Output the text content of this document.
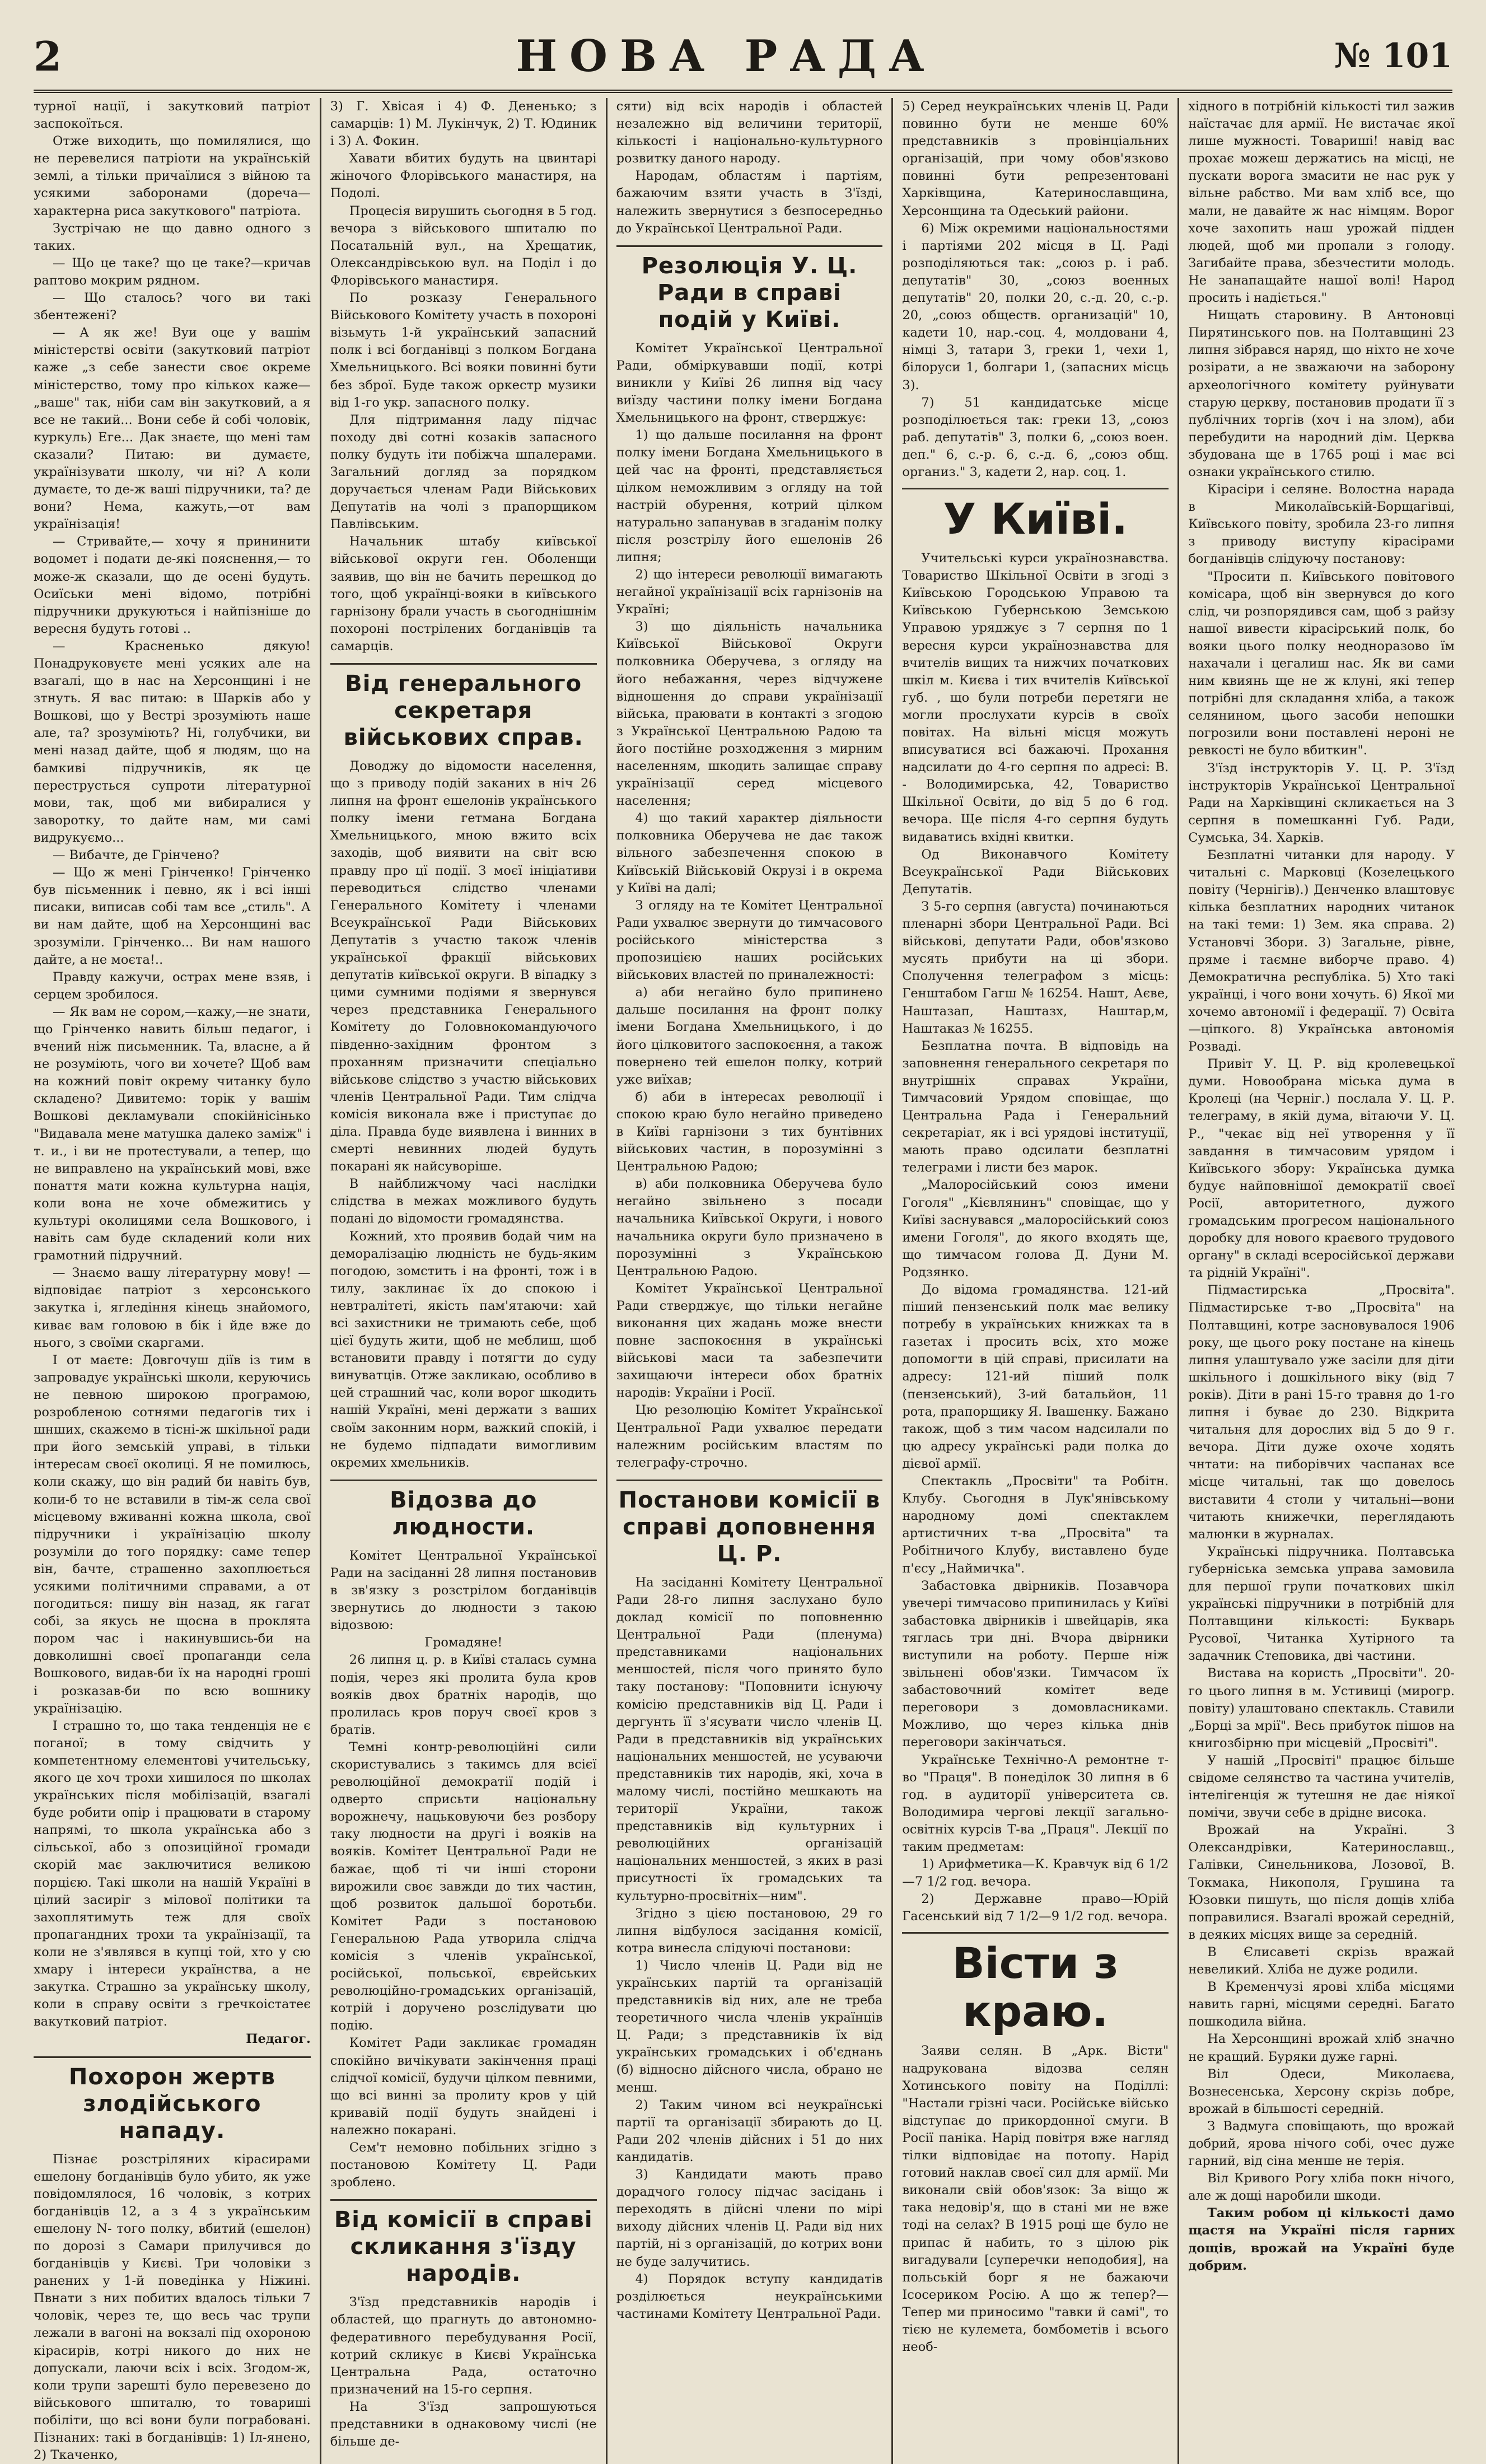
2	НОВА РАДА	№ 101

турної нації, і закутковий патріот заспокоїться.

Отже виходить, що помилялися, що не перевелися патріоти на українській землі, а тільки причаїлися з війною та усякими заборонами (дореча—характерна риса закуткового" патріота.

Зустрічаю не що давно одного з таких.

— Що це таке? що це таке?—кричав раптово мокрим рядном.

— Що сталось? чого ви такі збентежені?

— А як же! Вуи оце у вашім міністерстві освіти (закутковий патріот каже „з себе занести своє окреме міністерство, тому про кількох каже—„ваше" так, ніби сам він закутковий, а я все не такий... Вони себе й собі чоловік, куркуль) Еге... Дак знаєте, що мені там сказали? Питаю: ви думаєте, українізувати школу, чи ні? А коли думаєте, то де-ж ваші підручники, та? де вони? Нема, кажуть,—от вам українізація!

— Стривайте,— хочу я прининити водомет і подати де-які пояснення,— то може-ж сказали, що де осені будуть. Осиїськи мені відомо, потрібні підручники друкуються і найпізніше до вересня будуть готові ..

— Красненько дякую! Понадруковуєте мені усяких але на взагалі, що в нас на Херсонщині і не зтнуть. Я вас питаю: в Шарків або у Вошкові, що у Вестрі зрозуміють наше але, та? зрозуміють? Ні, голубчики, ви мені назад дайте, щоб я людям, що на бамкиві підручників, як це переструсться супроти літературної мови, так, щоб ми вибиралися у заворотку, то дайте нам, ми самі видрукуємо...

— Вибачте, де Грінчено?

— Що ж мені Грінченко! Грінченко був пісьменник і певно, як і всі інші писаки, виписав собі там все „стиль". А ви нам дайте, щоб на Херсонщині вас зрозуміли. Грінченко... Ви нам нашого дайте, а не моєта!..

Правду кажучи, острах мене взяв, і серцем зробилося.

— Як вам не сором,—кажу,—не знати, що Грінченко навить більш педагог, і вчений ніж письменник. Та, власне, а й не розуміють, чого ви хочете? Щоб вам на кожний повіт окрему читанку було складено? Дивитемо: торік у вашім Вошкові декламували спокійнісінько "Видавала мене матушка далеко заміж" і т. и., і ви не протестували, а тепер, що не виправлено на український мові, вже понаття мати кожна культурна нація, коли вона не хоче обмежитись у культурі околицями села Вошкового, і навіть сам буде складений коли них грамотний підручний.

— Знаємо вашу літературну мову! —відповідає патріот з херсонського закутка і, ягледіння кінець знайомого, киває вам головою в бік і йде вже до нього, з своїми скаргами.

І от маєте: Довгочуш діїв із тим в запровадує українські школи, керуючись не певною широкою програмою, розробленою сотнями педагогів тих і шнших, скажемо в тісні-ж шкільної ради при його земській управі, в тільки інтересам своєї околиці. Я не помилюсь, коли скажу, що він радий би навіть був, коли-б то не вставили в тім-ж села свої місцевому вживанні кожна школа, свої підручники і українізацію школу розуміли до того порядку: саме тепер він, бачте, страшенно захоплюється усякими політичними справами, а от погодиться: пишу він назад, як гагат собі, за якусь не щосна в проклята пором час і накинувшись-би на довколишні своєї пропаганди села Вошкового, видав-би їх на народні гроші і розказав-би по всю вошнику українізацію.

І страшно то, що така тенденція не є поганої; в тому свідчить у компетентному елементові учительську, якого це хоч трохи хишилося по школах українських після мобілізацій, взагалі буде робити опір і працювати в старому напрямі, то школа українська або з сільської, або з опозиційної громади скорій має заключитися великою порцією. Такі школи на нашій Україні в цілий засиріг з мілової політики та захоплятимуть теж для своїх пропагандних трохи та українізації, та коли не з'являвся в купці той, хто у сю хмару і інтереси українства, а не закутка. Страшно за українську школу, коли в справу освіти з гречкоістатеє вакутковий патріот.

Педагог.

Похорон жертв злодійського нападу.

Пізнає розстріляних кірасирами ешелону богданівців було убито, як уже повідомлялося, 16 чоловік, з котрих богданівців 12, а з 4 з українським ешелону N- того полку, вбитий (ешелон) по дорозі з Самари прилучився до богданівців у Києві. Три чоловіки з ранених у 1-й поведінка у Ніжині. Пвнати з них побитих вдалось тільки 7 чоловік, через те, що весь час трупи лежали в вагоні на вокзалі під охороною кірасирів, котрі никого до них не допускали, лаючи всіх і всіх. Згодом-ж, коли трупи зарешті було перевезено до військового шпиталю, то товариші побіліти, що всі вони були пограбовані. Пізнаних: такі в богданівців: 1) Іл-янено, 2) Ткаченко,

3) Г. Хвісая і 4) Ф. Дененько; з самарців: 1) М. Лукінчук, 2) Т. Юдиник і 3) А. Фокин.

Хавати вбитих будуть на цвинтарі жіночого Флорівського манастиря, на Подолі.

Процесія вирушить сьогодня в 5 год. вечора з військового шпиталю по Посатальній вул., на Хрещатик, Олександрівською вул. на Поділ і до Флорівського манастиря.

По розказу Генерального Військового Комітету участь в похороні візьмуть 1-й український запасний полк і всі богданівці з полком Богдана Хмельницького. Всі вояки повинні бути без зброї. Буде також оркестр музики від 1-го укр. запасного полку.

Для підтримання ладу підчас походу дві сотні козаків запасного полку будуть іти побіжча шпалерами. Загальний догляд за порядком доручається членам Ради Військових Депутатів на чолі з прапорщиком Павлівським.

Начальник штабу київської військової округи ген. Оболенщи заявив, що він не бачить перешкод до того, щоб українці-вояки в київського гарнізону брали участь в сьогоднішнім похороні пострілених богданівців та самарців.

Від генерального секретаря військових справ.

Доводжу до відомости населення, що з приводу подій заканих в ніч 26 липня на фронт ешелонів українського полку імени гетмана Богдана Хмельницького, мною вжито всіх заходів, щоб виявити на світ всю правду про цї події. З моєї ініціативи переводиться слідство членами Генерального Комітету і членами Всеукраїнської Ради Військових Депутатів з участю також членів української фракції військових депутатів київської округи. В віпадку з цими сумними подіями я звернувся через представника Генерального Комітету до Головнокомандуючого південно-західним фронтом з проханням призначити спеціально військове слідство з участю військових членів Центральної Ради. Тим слідча комісія виконала вже і приступає до діла. Правда буде виявлена і винних в смерті невинних людей будуть покарані як найсуворіше.

В найближчому часі наслідки слідства в межах можливого будуть подані до відомости громадянства.

Кожний, хто проявив бодай чим на деморалізацію людність не будь-яким погодою, зомстить і на фронті, тож і в тилу, заклинає їх до спокою і невтралітеті, якість пам'ятаючи: хай всі захистники не тримають себе, щоб цієї будуть жити, щоб не меблиш, щоб встановити правду і потягти до суду винуватців. Отже закликаю, особливо в цей страшний час, коли ворог шкодить нашій Україні, мені держати з ваших своїм законним норм, важкий спокій, і не будемо підпадати вимогливим окремих хмельників.

Відозва до людности.

Комітет Центральної Української Ради на засіданні 28 липня постановив в зв'язку з розстрілом богданівців звернутись до людности з такою відозвою:

Громадяне!

26 липня ц. р. в Київі сталась сумна подія, через які пролита була кров вояків двох братніх народів, що пролилась кров поруч своєї кров з братів.

Темні контр-революційні сили скористувались з такимсь для всієї революційної демократії подій і одверто сприсьти національну ворожнечу, нацьковуючи без розбору таку людности на другі і вояків на вояків. Комітет Центральної Ради не бажає, щоб ті чи інші сторони вирожили своє завжди до тих частин, щоб розвиток дальшої боротьби. Комітет Ради з постановою Генеральною Рада утворила слідча комісія з членів української, російської, польської, єврейських революційно-громадських організацій, котрій і доручено розслідувати цю подію.

Комітет Ради закликає громадян спокійно вичікувати закінчення праці слідчої комісії, будучи цілком певними, що всі винні за пролиту кров у цій кривавій події будуть знайдені і належно покарані.

Сем'т немовно побільних згідно з постановою Комітету Ц. Ради зроблено.

Від комісії в справі скликання з'їзду народів.

З'їзд представників народів і областей, що прагнуть до автономно-федеративного перебудування Росії, котрий скликує в Києві Українська Центральна Рада, остаточно призначений на 15-го серпня.

На З'їзд запрошуються представники в однаковому числі (не більше де-

сяти) від всіх народів і областей незалежно від величини території, кількості і національно-культурного розвитку даного народу.

Народам, областям і партіям, бажаючим взяти участь в З'їзді, належить звернутися з безпосередньо до Української Центральної Ради.

Резолюція У. Ц. Ради в справі подій у Київі.

Комітет Української Центральної Ради, обміркувавши події, котрі виникли у Київі 26 липня від часу виїзду частини полку імени Богдана Хмельницького на фронт, стверджує:

1) що дальше посилання на фронт полку імени Богдана Хмельницького в цей час на фронті, представляється цілком неможливим з огляду на той настрій обурення, котрий цілком натурально запанував в згаданім полку після розстрілу його ешелонів 26 липня;

2) що інтереси революції вимагають негайної українізації всіх гарнізонів на Україні;

3) що діяльність начальника Київської Військової Округи полковника Оберучева, з огляду на його небажання, через відчужене відношення до справи українізації війська, праювати в контакті з згодою з Української Центральною Радою та його постійне розходження з мирним населенням, шкодить залищає справу українізації серед місцевого населення;

4) що такий характер діяльности полковника Оберучева не дає також вільного забезпечення спокою в Київській Військовій Окрузі і в окрема у Київі на далі;

З огляду на те Комітет Центральної Ради ухвалює звернути до тимчасового російського міністерства з пропозицією наших російських військових властей по приналежності:

а) аби негайно було припинено дальше посилання на фронт полку імени Богдана Хмельницького, і до його цілковитого заспокоєння, а також повернено тей ешелон полку, котрий уже виїхав;

б) аби в інтересах революції і спокою краю було негайно приведено в Київі гарнізони з тих бунтівних військових частин, в порозумінні з Центральною Радою;

в) аби полковника Оберучева було негайно звільнено з посади начальника Київської Округи, і нового начальника округи було призначено в порозумінні з Українською Центральною Радою.

Комітет Української Центральної Ради стверджує, що тільки негайне виконання цих жадань може внести повне заспокоєння в українські військові маси та забезпечити захищаючи інтереси обох братніх народів: України і Росії.

Цю резолюцію Комітет Української Центральної Ради ухвалює передати належним російським властям по телеграфу-строчно.

Постанови комісії в справі доповнення Ц. Р.

На засіданні Комітету Центральної Ради 28-го липня заслухано було доклад комісії по поповненню Центральної Ради (пленума) представниками національних меншостей, після чого принято було таку постанову: "Поповнити існуючу комісію представників від Ц. Ради і дергунть її з'ясувати число членів Ц. Ради в представників від українських національних меншостей, не усуваючи представників тих народів, які, хоча в малому числі, постійно мешкають на території України, також представників від культурних і революційних організацій національних меншостей, з яких в разі присутності їх громадських та культурно-просвітніх—ним".

Згідно з цією постановою, 29 го липня відбулося засідання комісії, котра винесла слідуючі постанови:

1) Число членів Ц. Ради від не українських партій та організацій представників від них, але не треба теоретичного числа членів українців Ц. Ради; з представників їх від українських громадських і об'єднань (б) відносно дійсного числа, обрано не менш.

2) Таким чином всі неукраїнські партії та організації збирають до Ц. Ради 202 членів дійсних і 51 до них кандидатів.

3) Кандидати мають право дорадчого голосу підчас засідань і переходять в дійсні члени по мірі виходу дійсних членів Ц. Ради від них партій, ні з організацій, до котрих вони не буде залучитись.

4) Порядок вступу кандидатів розділюється неукраїнськими частинами Комітету Центральної Ради.

5) Серед неукраїнських членів Ц. Ради повинно бути не менше 60% представників з провінціальних організацій, при чому обов'язково повинні бути репрезентовані Харківщина, Катеринославщина, Херсонщина та Одеський райони.

6) Між окремими національностями і партіями 202 місця в Ц. Раді розподіляються так: „союз р. і раб. депутатів" 30, „союз военных депутатів" 20, полки 20, с.-д. 20, с.-р. 20, „союз обществ. организацій" 10, кадети 10, нар.-соц. 4, молдовани 4, німці 3, татари 3, греки 1, чехи 1, білоруси 1, болгари 1, (запасних місць 3).

7) 51 кандидатське місце розподілюється так: греки 13, „союз раб. депутатів" 3, полки 6, „союз воен. деп." 6, с.-р. 6, с.-д. 6, „союз общ. организ." 3, кадети 2, нар. соц. 1.

У Київі.

Учительські курси українознавства. Товариство Шкільної Освіти в згоді з Київською Городською Управою та Київською Губернською Земською Управою уряджує з 7 серпня по 1 вересня курси українознавства для вчителів вищих та нижчих початкових шкіл м. Києва і тих вчителів Київської губ. , що були потреби перетяги не могли прослухати курсів в своїх повітах. На вільні місця можуть вписуватися всі бажаючі. Прохання надсилати до 4-го серпня по адресі: В. - Володимирська, 42, Товариство Шкільної Освіти, до від 5 до 6 год. вечора. Ще після 4-го серпня будуть видаватись вхідні квитки.

Од Виконавчого Комітету Всеукраїнської Ради Військових Депутатів.

З 5-го серпня (августа) починаються пленарні збори Центральної Ради. Всі військові, депутати Ради, обов'язково мусять прибути на ці збори. Сполучення телеграфом з місць: Генштабом Гагш № 16254. Нашт, Аєве, Наштазап, Наштазх, Наштар,м, Наштаказ № 16255.

Безплатна почта. В відповідь на заповнення генерального секретаря по внутрішніх справах України, Тимчасовий Урядом сповіщає, що Центральна Рада і Генеральний секретаріат, як і всі урядові інституції, мають право одсилати безплатні телеграми і листи без марок.

„Малоросійський союз имени Гоголя" „Кієвлянинъ" сповіщає, що у Київі заснувався „малоросійський союз имени Гоголя", до якого входять ще, що тимчасом голова Д. Дуни М. Родзянко.

До відома громадянства. 121-ий піший пензенський полк має велику потребу в українських книжках та в газетах і просить всіх, хто може допомогти в цій справі, присилати на адресу: 121-ий піший полк (пензенський), 3-ий батальйон, 11 рота, прапорщику Я. Івашенку. Бажано також, щоб з тим часом надсилали по цю адресу українські ради полка до дієвої армії.

Спектакль „Просвіти" та Робітн. Клубу. Сьогодня в Лук'янівському народному домі спектаклем артистичних т-ва „Просвіта" та Робітничого Клубу, виставлено буде п'єсу „Наймичка".

Забастовка двірників. Позавчора увечері тимчасово припинилась у Київі забастовка двірників і швейцарів, яка тяглась три дні. Вчора двірники виступили на роботу. Перше ніж звільнені обов'язки. Тимчасом їх забастовочний комітет веде переговори з домовласниками. Можливо, що через кілька днів переговори закінчаться.

Українське Технічно-А ремонтне т-во "Праця". В понеділок 30 липня в 6 год. в аудиторії університета св. Володимира чергові лекції загально-освітніх курсів Т-ва „Праця". Лекції по таким предметам:

1) Арифметика—К. Кравчук від 6 1/2—7 1/2 год. вечора.

2) Державне право—Юрій Гасенський від 7 1/2—9 1/2 год. вечора.

Вісти з краю.

Заяви селян. В „Арк. Вісти" надрукована відозва селян Хотинського повіту на Поділлі: "Настали грізні часи. Російське військо відступає до прикордонної смуги. В Росії паніка. Нарід повітря вже нагляд тілки відповідає на потопу. Нарід готовий наклав своєї сил для армії. Ми виконали свій обов'язок: За віщо ж така недовір'я, що в стані ми не вже тоді на селах? В 1915 році ще було не припас й набить, то з цілою рік вигадували [суперечки неподобия], на польській борг я не бажаючи Ісосериком Росію. А що ж тепер?—Тепер ми приносимо "тавки й самі", то тією не кулемета, бомбометів і всього необ-

хідного в потрібній кількості тил зажив наїстачає для армії. Не вистачає якої лише мужності. Товариші! навід вас прохає можеш держатись на місці, не пускати ворога змасити не нас рук у вільне рабство. Ми вам хліб все, що мали, не давайте ж нас німцям. Ворог хоче захопить наш урожай підден людей, щоб ми пропали з голоду. Загибайте права, збезчестити молодь. Не занапащайте нашої волі! Народ просить і надіється."

Нищать старовину. В Антоновці Пирятинського пов. на Полтавщині 23 липня зібрався наряд, що ніхто не хоче розірати, а не зважаючи на заборону археологічного комітету руйнувати старую церкву, постановив продати її з публічних торгів (хоч і на злом), аби перебудити на народний дім. Церква збудована ще в 1765 році і має всі ознаки українського стилю.

Кірасіри і селяне. Волостна нарада в Миколаївській-Борщагівці, Київського повіту, зробила 23-го липня з приводу виступу кірасірами богданівців слідуючу постанову:

"Просити п. Київського повітового комісара, щоб він звернувся до кого слід, чи розпорядився сам, щоб з райзу нашої вивести кірасірський полк, бо вояки цього полку неодноразово їм нахачали і цегалиш нас. Як ви сами ним квиянь ще не ж клуні, які тепер потрібні для складання хліба, а також селянином, цього засоби непошки погрозили вони поставлені нероні не ревкості не було вбиткин".

З'їзд інструкторів У. Ц. Р. З'їзд інструкторів Української Центральної Ради на Харківщині скликається на 3 серпня в помешканні Губ. Ради, Сумська, 34. Харків.

Безплатні читанки для народу. У читальні с. Марковці (Козелецького повіту (Чернігів).) Денченко влаштовує кілька безплатних народних читанок на такі теми: 1) Зем. яка справа. 2) Установчі Збори. 3) Загальне, рівне, пряме і таємне виборче право. 4) Демократична республіка. 5) Хто такі українці, і чого вони хочуть. 6) Якої ми хочемо автономії і федерації. 7) Освіта—ціпкого. 8) Українська автономія Розваді.

Привіт У. Ц. Р. від кролевецької думи. Новообрана міська дума в Кролеці (на Черніг.) послала У. Ц. Р. телеграму, в якій дума, вітаючи У. Ц. Р., "чекає від неї утворення у її завдання в тимчасовим урядом і Київського збору: Українська думка будує найповнішої демократії своєї Росії, авторитетного, дужого громадським прогресом національного доробку для нового краєвого трудового органу" в складі всеросійської держави та рідній Україні".

Підмастирська „Просвіта". Підмастирське т-во „Просвіта" на Полтавщині, котре засновувалося 1906 року, ще цього року постане на кінець липня улаштувало уже засіли для діти шкільного і дошкільного віку (від 7 років). Діти в рані 15-го травня до 1-го липня і буває до 230. Відкрита читальня для дорослих від 5 до 9 г. вечора. Діти дуже охоче ходять чнтати: на пиборівчих часпанах все місце читальні, так що довелось виставити 4 столи у читальні—вони читають книжечки, переглядають малюнки в журналах.

Українські підручника. Полтавська губерніська земська управа замовила для першої групи початкових шкіл українські підручники в потрібній для Полтавщини кількості: Букварь Русової, Читанка Хутірного та задачник Степовика, дві частини.

Вистава на користь „Просвіти". 20-го цього липня в м. Устивиці (мирогр. повіту) улаштовано спектакль. Ставили „Борці за мрії". Весь прибуток пішов на книгозбірню при місцевій „Просвіті".

У нашій „Просвіті" працює більше свідоме селянство та частина учителів, інтелігенція ж тутешня не дає ніякої помічи, звучи себе в дрідне висока.

Врожай на Україні. З Олександрівки, Катеринославщ., Галівки, Синельникова, Лозової, В. Токмака, Никополя, Грушина та Юзовки пишуть, що після дощів хліба поправилися. Взагалі врожай середній, в деяких місцях вище за середній.

В Єлисаветі скрізь вражай невеликий. Хліба не дуже родили.

В Кременчузі ярові хліба місцями навить гарні, місцями середні. Багато пошкодила війна.

На Херсонщині врожай хліб значно не кращий. Буряки дуже гарні.

Віл Одеси, Миколаєва, Вознесенська, Херсону скрізь добре, врожай в більшості середній.

З Вадмуга сповіщають, що врожай добрий, ярова нічого собі, очес дуже гарний, від сіна менше не терія.

Віл Кривого Рогу хліба покн нічого, але ж дощі наробили шкоди.

Таким робом ці кількості дамо щастя на Україні після гарних дощів, врожай на Україні буде добрим.
